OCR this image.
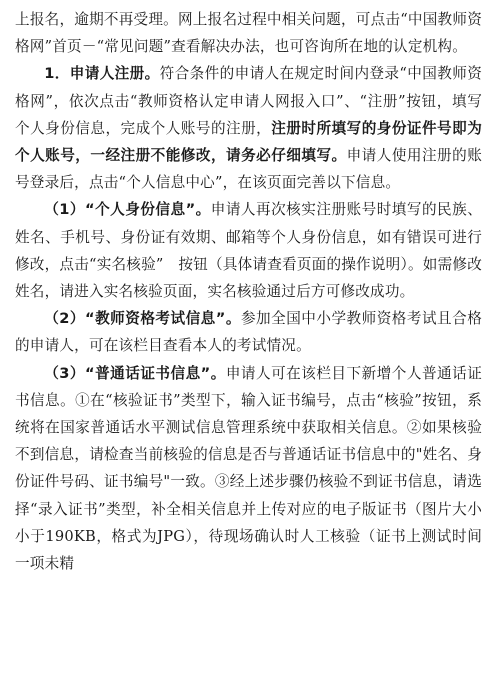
上报名，逾期不再受理。网上报名过程中相关问题，可点击“中国教师资格网”首页－“常见问题”查看解决办法，也可咨询所在地的认定机构。

1．申请人注册。符合条件的申请人在规定时间内登录“中国教师资格网”，依次点击“教师资格认定申请人网报入口”、“注册”按钮，填写个人身份信息，完成个人账号的注册，注册时所填写的身份证件号即为个人账号，一经注册不能修改，请务必仔细填写。申请人使用注册的账号登录后，点击“个人信息中心”，在该页面完善以下信息。

（1）“个人身份信息”。申请人再次核实注册账号时填写的民族、姓名、手机号、身份证有效期、邮箱等个人身份信息，如有错误可进行修改，点击“实名核验”　按钮（具体请查看页面的操作说明）。如需修改姓名，请进入实名核验页面，实名核验通过后方可修改成功。

（2）“教师资格考试信息”。参加全国中小学教师资格考试且合格的申请人，可在该栏目查看本人的考试情况。

（3）“普通话证书信息”。申请人可在该栏目下新增个人普通话证书信息。①在“核验证书”类型下，输入证书编号，点击“核验”按钮，系统将在国家普通话水平测试信息管理系统中获取相关信息。②如果核验不到信息，请检查当前核验的信息是否与普通话证书信息中的"姓名、身份证件号码、证书编号"一致。③经上述步骤仍核验不到证书信息，请选择“录入证书”类型，补全相关信息并上传对应的电子版证书（图片大小小于190KB，格式为JPG），待现场确认时人工核验（证书上测试时间一项未精
